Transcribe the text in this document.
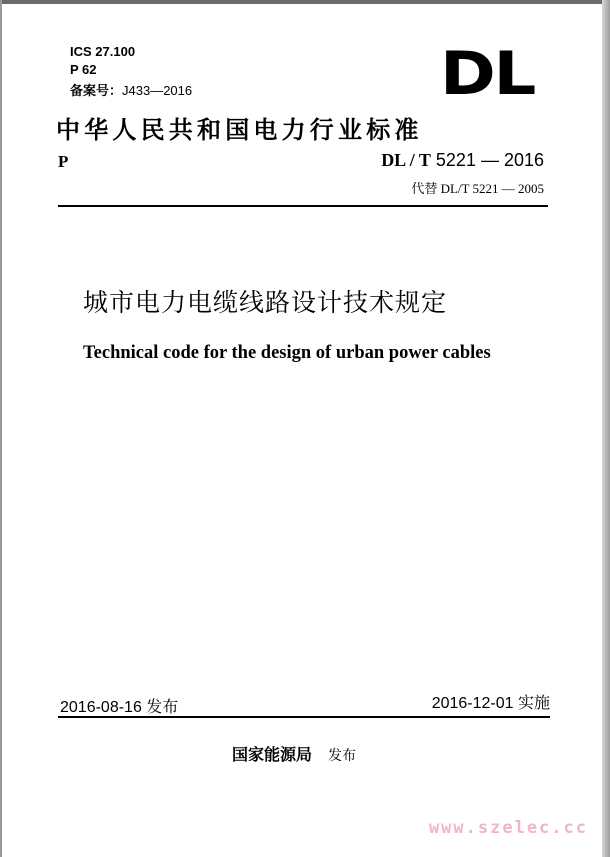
ICS 27.100
P 62
备案号：J433—2016	DL
中华人民共和国电力行业标准
P	DL / T 5221 — 2016
代替 DL/T 5221 — 2005
城市电力电缆线路设计技术规定
Technical code for the design of urban power cables
2016-08-16 发布	2016-12-01 实施
国家能源局 发布
www.szelec.cc
